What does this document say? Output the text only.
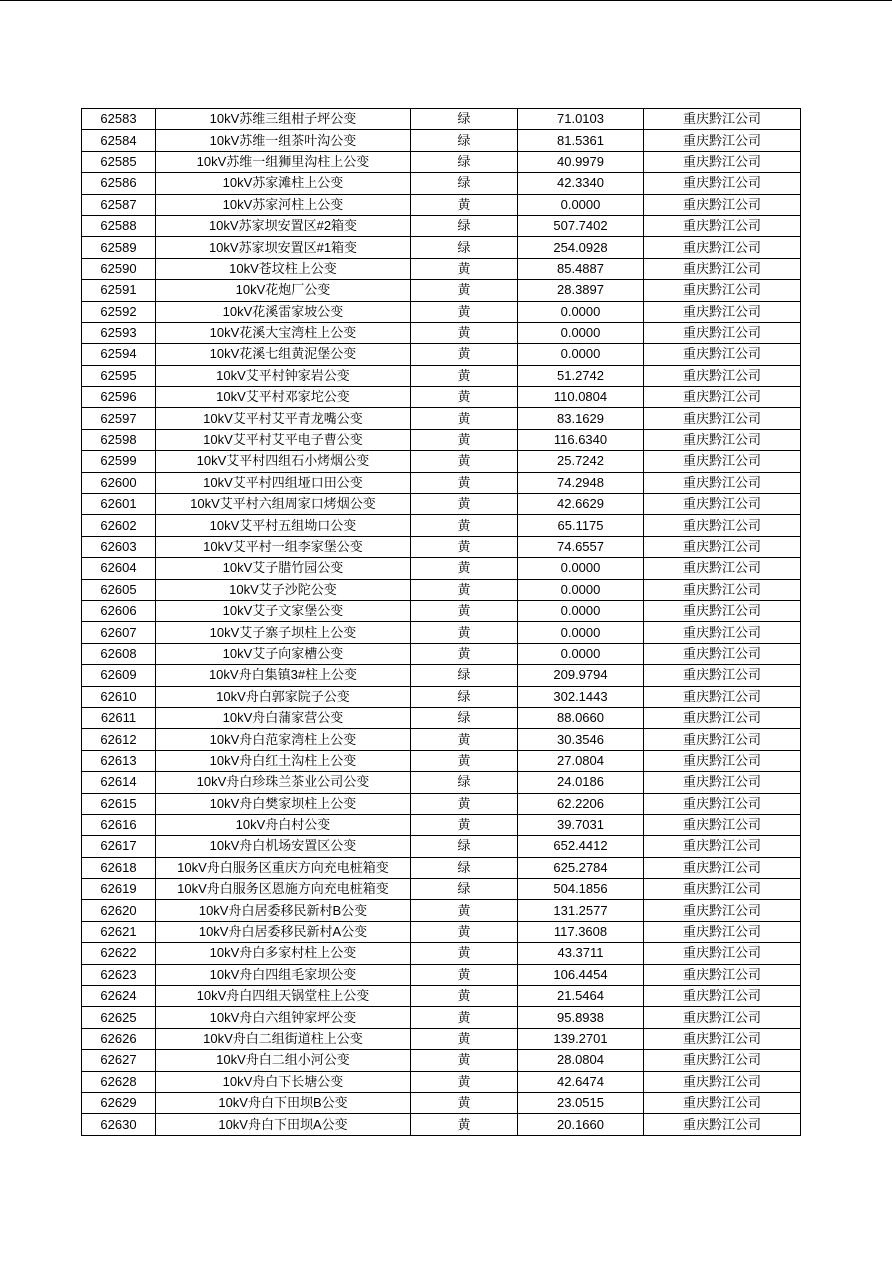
62583	10kV苏维三组柑子坪公变	绿	71.0103	重庆黔江公司
62584	10kV苏维一组茶叶沟公变	绿	81.5361	重庆黔江公司
62585	10kV苏维一组狮里沟柱上公变	绿	40.9979	重庆黔江公司
62586	10kV苏家滩柱上公变	绿	42.3340	重庆黔江公司
62587	10kV苏家河柱上公变	黄	0.0000	重庆黔江公司
62588	10kV苏家坝安置区#2箱变	绿	507.7402	重庆黔江公司
62589	10kV苏家坝安置区#1箱变	绿	254.0928	重庆黔江公司
62590	10kV苍坟柱上公变	黄	85.4887	重庆黔江公司
62591	10kV花炮厂公变	黄	28.3897	重庆黔江公司
62592	10kV花溪雷家坡公变	黄	0.0000	重庆黔江公司
62593	10kV花溪大宝湾柱上公变	黄	0.0000	重庆黔江公司
62594	10kV花溪七组黄泥堡公变	黄	0.0000	重庆黔江公司
62595	10kV艾平村钟家岩公变	黄	51.2742	重庆黔江公司
62596	10kV艾平村邓家坨公变	黄	110.0804	重庆黔江公司
62597	10kV艾平村艾平青龙嘴公变	黄	83.1629	重庆黔江公司
62598	10kV艾平村艾平电子曹公变	黄	116.6340	重庆黔江公司
62599	10kV艾平村四组石小烤烟公变	黄	25.7242	重庆黔江公司
62600	10kV艾平村四组垭口田公变	黄	74.2948	重庆黔江公司
62601	10kV艾平村六组周家口烤烟公变	黄	42.6629	重庆黔江公司
62602	10kV艾平村五组坳口公变	黄	65.1175	重庆黔江公司
62603	10kV艾平村一组李家堡公变	黄	74.6557	重庆黔江公司
62604	10kV艾子腊竹园公变	黄	0.0000	重庆黔江公司
62605	10kV艾子沙陀公变	黄	0.0000	重庆黔江公司
62606	10kV艾子文家堡公变	黄	0.0000	重庆黔江公司
62607	10kV艾子寨子坝柱上公变	黄	0.0000	重庆黔江公司
62608	10kV艾子向家槽公变	黄	0.0000	重庆黔江公司
62609	10kV舟白集镇3#柱上公变	绿	209.9794	重庆黔江公司
62610	10kV舟白郭家院子公变	绿	302.1443	重庆黔江公司
62611	10kV舟白蒲家营公变	绿	88.0660	重庆黔江公司
62612	10kV舟白范家湾柱上公变	黄	30.3546	重庆黔江公司
62613	10kV舟白红土沟柱上公变	黄	27.0804	重庆黔江公司
62614	10kV舟白珍珠兰茶业公司公变	绿	24.0186	重庆黔江公司
62615	10kV舟白樊家坝柱上公变	黄	62.2206	重庆黔江公司
62616	10kV舟白村公变	黄	39.7031	重庆黔江公司
62617	10kV舟白机场安置区公变	绿	652.4412	重庆黔江公司
62618	10kV舟白服务区重庆方向充电桩箱变	绿	625.2784	重庆黔江公司
62619	10kV舟白服务区恩施方向充电桩箱变	绿	504.1856	重庆黔江公司
62620	10kV舟白居委移民新村B公变	黄	131.2577	重庆黔江公司
62621	10kV舟白居委移民新村A公变	黄	117.3608	重庆黔江公司
62622	10kV舟白多家村柱上公变	黄	43.3711	重庆黔江公司
62623	10kV舟白四组毛家坝公变	黄	106.4454	重庆黔江公司
62624	10kV舟白四组天锅堂柱上公变	黄	21.5464	重庆黔江公司
62625	10kV舟白六组钟家坪公变	黄	95.8938	重庆黔江公司
62626	10kV舟白二组街道柱上公变	黄	139.2701	重庆黔江公司
62627	10kV舟白二组小河公变	黄	28.0804	重庆黔江公司
62628	10kV舟白下长塘公变	黄	42.6474	重庆黔江公司
62629	10kV舟白下田坝B公变	黄	23.0515	重庆黔江公司
62630	10kV舟白下田坝A公变	黄	20.1660	重庆黔江公司
